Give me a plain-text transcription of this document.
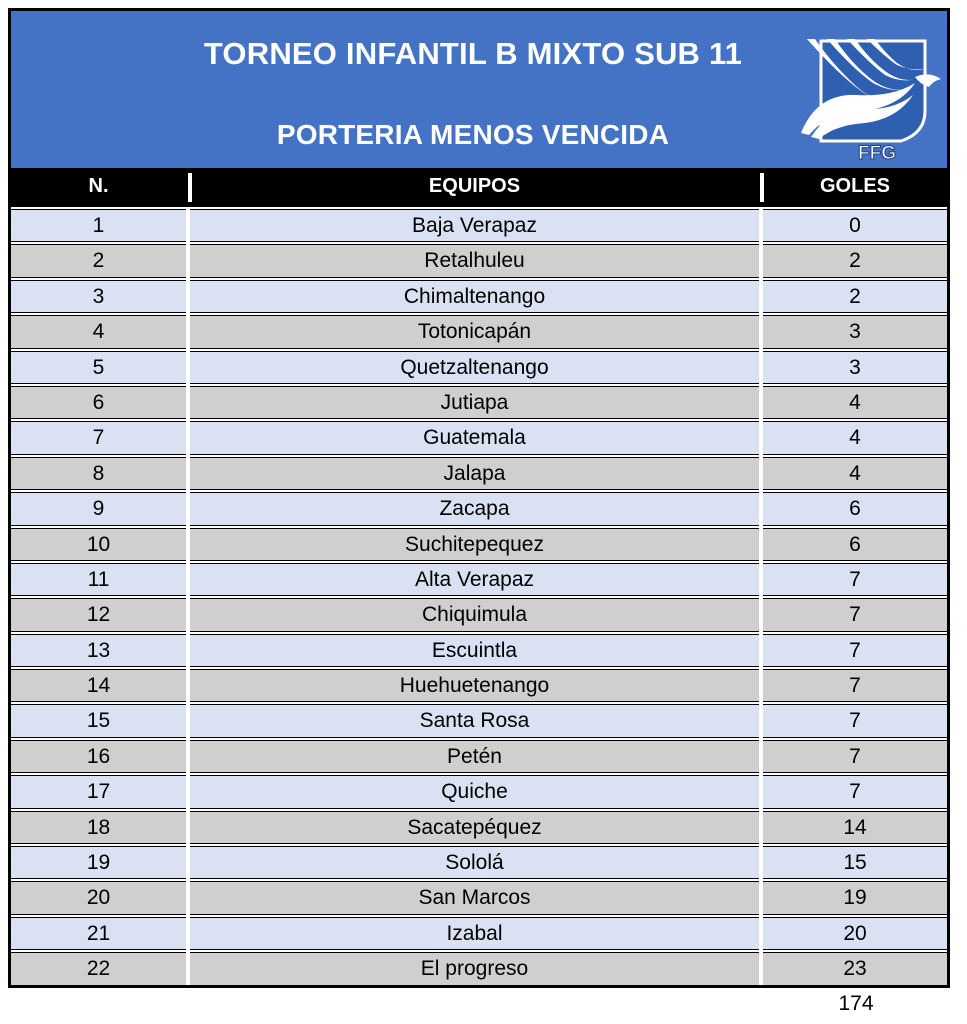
TORNEO INFANTIL B MIXTO SUB 11
PORTERIA MENOS VENCIDA
FFG
N.	EQUIPOS	GOLES
1	Baja Verapaz	0
2	Retalhuleu	2
3	Chimaltenango	2
4	Totonicapán	3
5	Quetzaltenango	3
6	Jutiapa	4
7	Guatemala	4
8	Jalapa	4
9	Zacapa	6
10	Suchitepequez	6
11	Alta Verapaz	7
12	Chiquimula	7
13	Escuintla	7
14	Huehuetenango	7
15	Santa Rosa	7
16	Petén	7
17	Quiche	7
18	Sacatepéquez	14
19	Sololá	15
20	San Marcos	19
21	Izabal	20
22	El progreso	23
174
